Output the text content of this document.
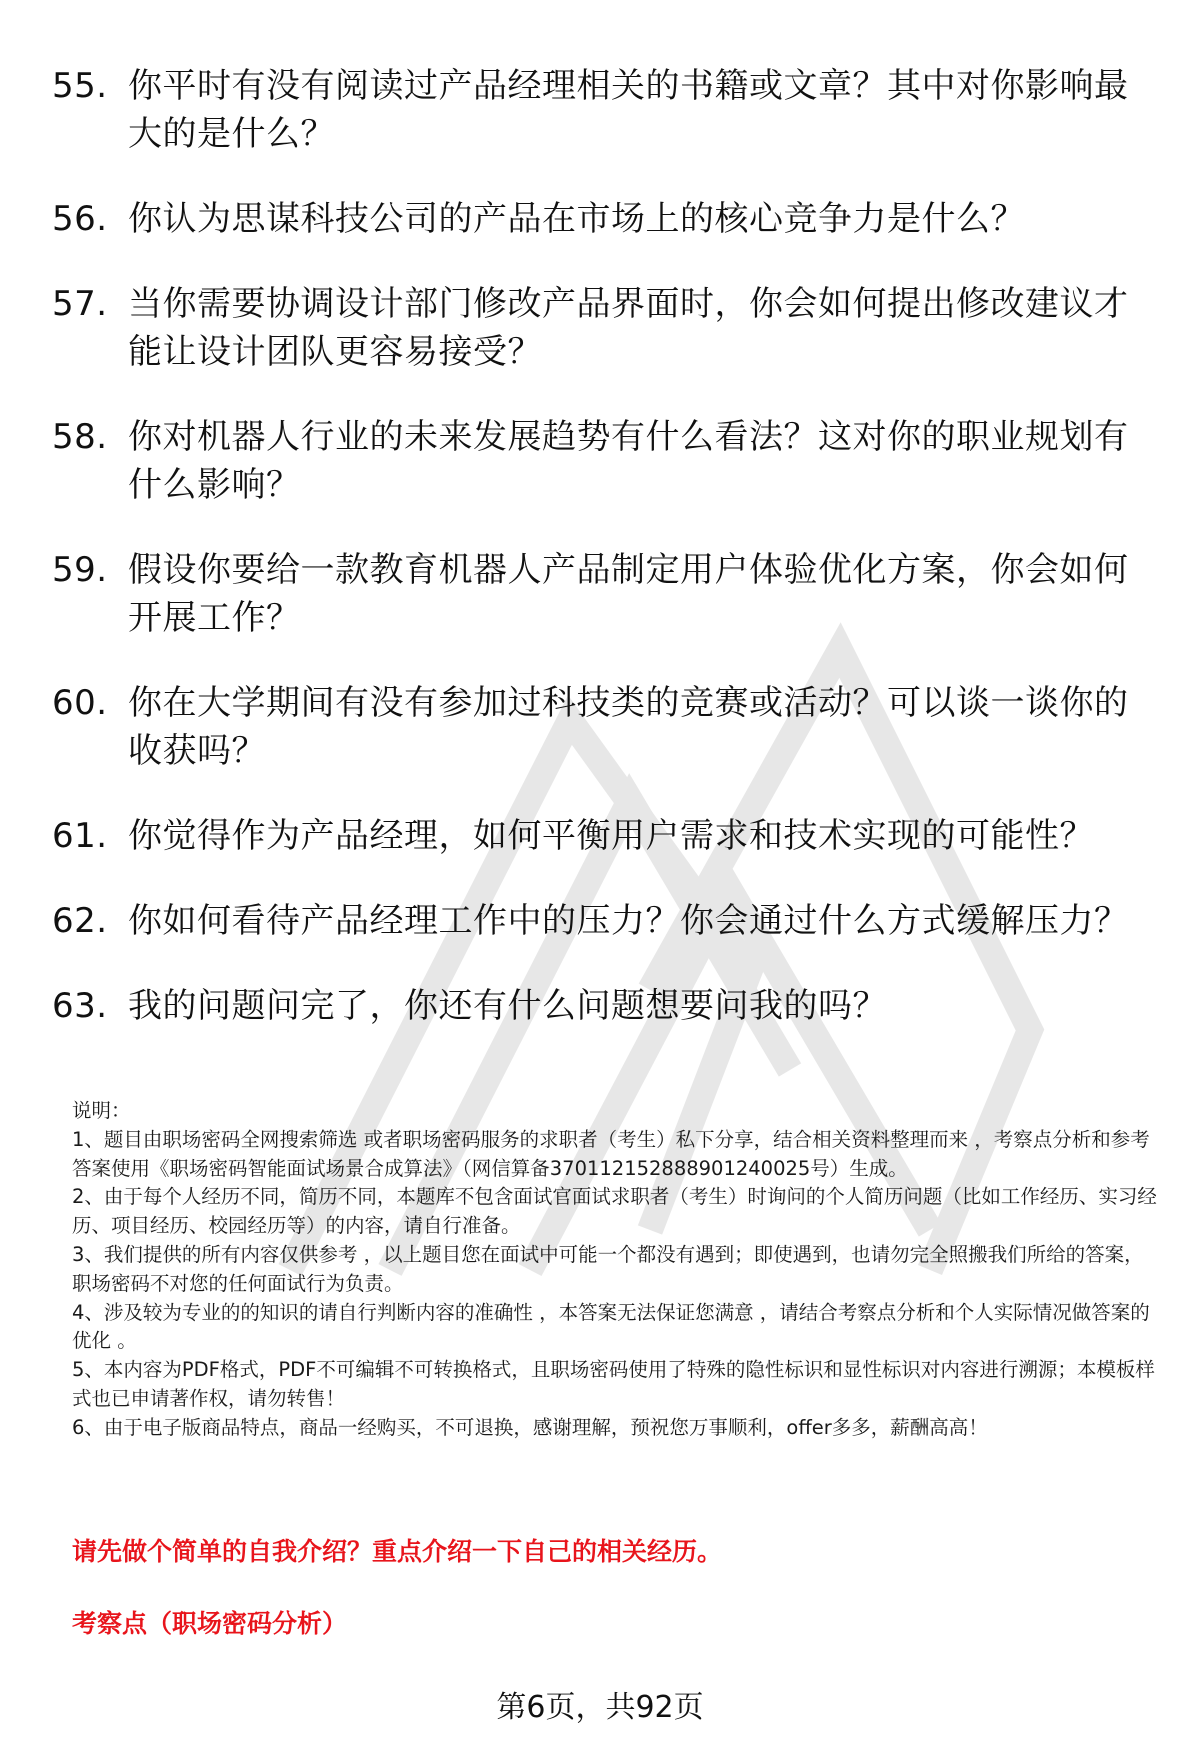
55. 你平时有没有阅读过产品经理相关的书籍或文章？其中对你影响最大的是什么？
56. 你认为思谋科技公司的产品在市场上的核心竞争力是什么？
57. 当你需要协调设计部门修改产品界面时，你会如何提出修改建议才能让设计团队更容易接受？
58. 你对机器人行业的未来发展趋势有什么看法？这对你的职业规划有什么影响？
59. 假设你要给一款教育机器人产品制定用户体验优化方案，你会如何开展工作？
60. 你在大学期间有没有参加过科技类的竞赛或活动？可以谈一谈你的收获吗？
61. 你觉得作为产品经理，如何平衡用户需求和技术实现的可能性？
62. 你如何看待产品经理工作中的压力？你会通过什么方式缓解压力？
63. 我的问题问完了，你还有什么问题想要问我的吗？

说明：

1、题目由职场密码全网搜索筛选 或者职场密码服务的求职者（考生）私下分享，结合相关资料整理而来 ，考察点分析和参考答案使用《职场密码智能面试场景合成算法》（网信算备370112152888901240025号）生成。

2、由于每个人经历不同，简历不同，本题库不包含面试官面试求职者（考生）时询问的个人简历问题（比如工作经历、实习经历、项目经历、校园经历等）的内容，请自行准备。

3、我们提供的所有内容仅供参考 ，以上题目您在面试中可能一个都没有遇到；即使遇到，也请勿完全照搬我们所给的答案，职场密码不对您的任何面试行为负责。

4、涉及较为专业的的知识的请自行判断内容的准确性 ，本答案无法保证您满意 ，请结合考察点分析和个人实际情况做答案的优化 。

5、本内容为PDF格式，PDF不可编辑不可转换格式，且职场密码使用了特殊的隐性标识和显性标识对内容进行溯源；本模板样式也已申请著作权，请勿转售！

6、由于电子版商品特点，商品一经购买，不可退换，感谢理解，预祝您万事顺利，offer多多，薪酬高高！

请先做个简单的自我介绍？重点介绍一下自己的相关经历。
考察点（职场密码分析）
第6页，共92页
